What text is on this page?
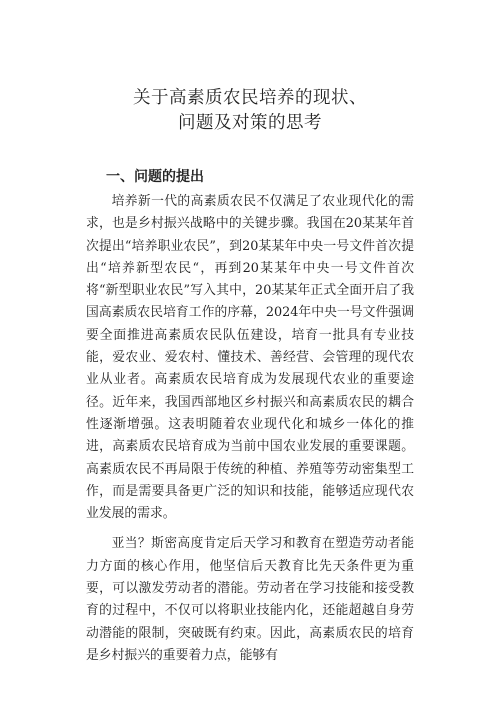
关于高素质农民培养的现状、
问题及对策的思考
一、问题的提出

培养新一代的高素质农民不仅满足了农业现代化的需求，也是乡村振兴战略中的关键步骤。我国在20某某年首次提出“培养职业农民”，到20某某年中央一号文件首次提出“培养新型农民“，再到20某某年中央一号文件首次将“新型职业农民”写入其中，20某某年正式全面开启了我国高素质农民培育工作的序幕，2024年中央一号文件强调要全面推进高素质农民队伍建设，培育一批具有专业技能，爱农业、爱农村、懂技术、善经营、会管理的现代农业从业者。高素质农民培育成为发展现代农业的重要途径。近年来，我国西部地区乡村振兴和高素质农民的耦合性逐渐增强。这表明随着农业现代化和城乡一体化的推进，高素质农民培育成为当前中国农业发展的重要课题。高素质农民不再局限于传统的种植、养殖等劳动密集型工作，而是需要具备更广泛的知识和技能，能够适应现代农业发展的需求。

亚当？斯密高度肯定后天学习和教育在塑造劳动者能力方面的核心作用，他坚信后天教育比先天条件更为重要，可以激发劳动者的潜能。劳动者在学习技能和接受教育的过程中，不仅可以将职业技能内化，还能超越自身劳动潜能的限制，突破既有约束。因此，高素质农民的培育是乡村振兴的重要着力点，能够有
